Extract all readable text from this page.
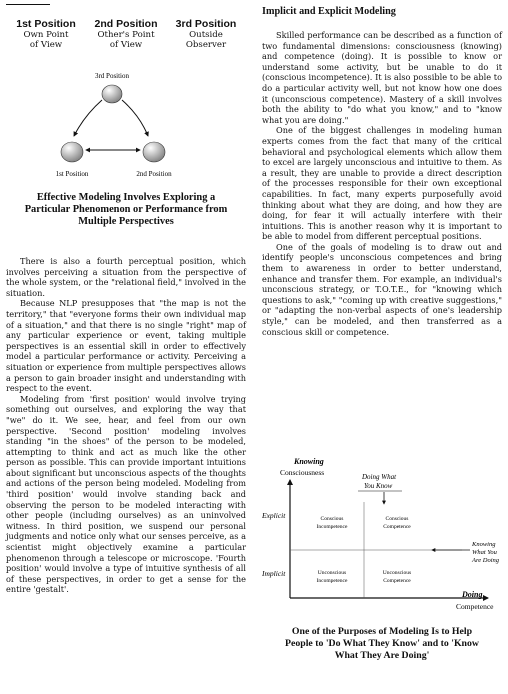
1st Position
Own Point
of View
2nd Position
Other's Point
of View
3rd Position
Outside
Observer
3rd Position
1st Position	2nd Position
Effective Modeling Involves Exploring a
Particular Phenomenon or Performance from
Multiple Perspectives

There is also a fourth perceptual position, which involves perceiving a situation from the perspective of the whole system, or the "relational field," involved in the situation.

Because NLP presupposes that "the map is not the territory," that "everyone forms their own individual map of a situation," and that there is no single "right" map of any particular experience or event, taking multiple perspectives is an essential skill in order to effectively model a particular performance or activity. Perceiving a situation or experience from multiple perspectives allows a person to gain broader insight and understanding with respect to the event.

Modeling from 'first position' would involve trying something out ourselves, and exploring the way that "we" do it. We see, hear, and feel from our own perspective. 'Second position' modeling involves standing "in the shoes" of the person to be modeled, attempting to think and act as much like the other person as possible. This can provide important intuitions about significant but unconscious aspects of the thoughts and actions of the person being modeled. Modeling from 'third position' would involve standing back and observing the person to be modeled interacting with other people (including ourselves) as an uninvolved witness. In third position, we suspend our personal judgments and notice only what our senses perceive, as a scientist might objectively examine a particular phenomenon through a telescope or microscope. 'Fourth position' would involve a type of intuitive synthesis of all of these perspectives, in order to get a sense for the entire 'gestalt'.

Implicit and Explicit Modeling

Skilled performance can be described as a function of two fundamental dimensions: consciousness (knowing) and competence (doing). It is possible to know or understand some activity, but be unable to do it (conscious incompetence). It is also possible to be able to do a particular activity well, but not know how one does it (unconscious competence). Mastery of a skill involves both the ability to "do what you know," and to "know what you are doing."

One of the biggest challenges in modeling human experts comes from the fact that many of the critical behavioral and psychological elements which allow them to excel are largely unconscious and intuitive to them. As a result, they are unable to provide a direct description of the processes responsible for their own exceptional capabilities. In fact, many experts purposefully avoid thinking about what they are doing, and how they are doing, for fear it will actually interfere with their intuitions. This is another reason why it is important to be able to model from different perceptual positions.

One of the goals of modeling is to draw out and identify people's unconscious competences and bring them to awareness in order to better understand, enhance and transfer them. For example, an individual's unconscious strategy, or T.O.T.E., for "knowing which questions to ask," "coming up with creative suggestions," or "adapting the non-verbal aspects of one's leadership style," can be modeled, and then transferred as a conscious skill or competence.

Knowing
Consciousness	Doing What
You Know
Explicit
Implicit
Conscious
Incompetence
Conscious
Competence
Unconscious
Incompetence
Unconscious
Competence
Knowing
What You
Are Doing
Doing
Competence
One of the Purposes of Modeling Is to Help
People to 'Do What They Know' and to 'Know
What They Are Doing'
